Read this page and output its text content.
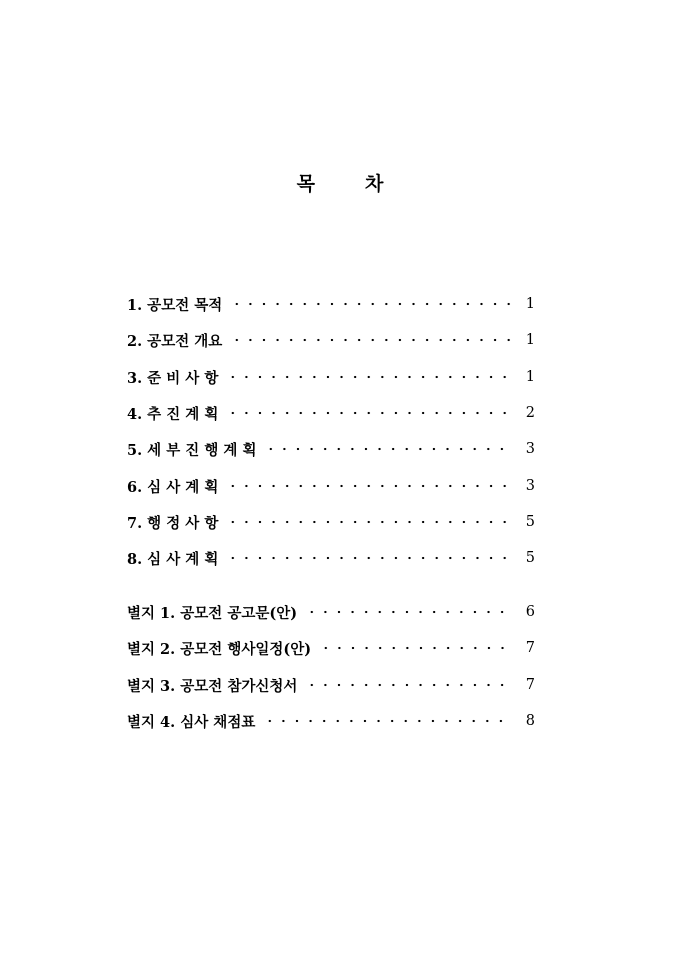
목	차
1. 공모전 목적	1
2. 공모전 개요	1
3. 준 비 사 항	1
4. 추 진 계 획	2
5. 세 부 진 행 계 획	3
6. 심 사 계 획	3
7. 행 정 사 항	5
8. 심 사 계 획	5
별지 1. 공모전 공고문(안)	6
별지 2. 공모전 행사일정(안)	7
별지 3. 공모전 참가신청서	7
별지 4. 심사 채점표	8
